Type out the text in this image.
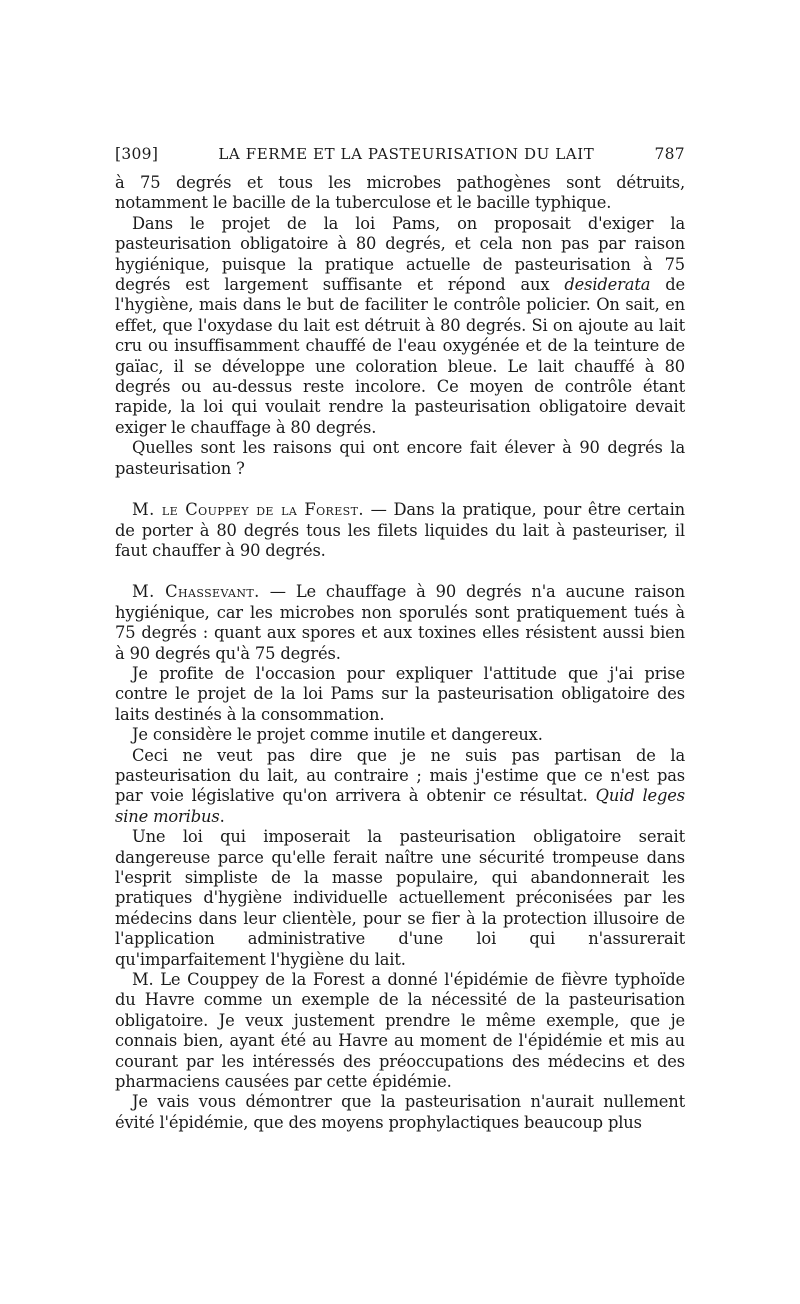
[309]	LA FERME ET LA PASTEURISATION DU LAIT	787

à 75 degrés et tous les microbes pathogènes sont détruits, notamment le bacille de la tuberculose et le bacille typhique.

Dans le projet de la loi Pams, on proposait d'exiger la pasteurisation obligatoire à 80 degrés, et cela non pas par raison hygiénique, puisque la pratique actuelle de pasteurisation à 75 degrés est largement suffisante et répond aux desiderata de l'hygiène, mais dans le but de faciliter le contrôle policier. On sait, en effet, que l'oxydase du lait est détruit à 80 degrés. Si on ajoute au lait cru ou insuffisamment chauffé de l'eau oxygénée et de la teinture de gaïac, il se développe une coloration bleue. Le lait chauffé à 80 degrés ou au-dessus reste incolore. Ce moyen de contrôle étant rapide, la loi qui voulait rendre la pasteurisation obligatoire devait exiger le chauffage à 80 degrés.

Quelles sont les raisons qui ont encore fait élever à 90 degrés la pasteurisation ?

M. le Couppey de la Forest. — Dans la pratique, pour être certain de porter à 80 degrés tous les filets liquides du lait à pasteuriser, il faut chauffer à 90 degrés.

M. Chassevant. — Le chauffage à 90 degrés n'a aucune raison hygiénique, car les microbes non sporulés sont pratiquement tués à 75 degrés : quant aux spores et aux toxines elles résistent aussi bien à 90 degrés qu'à 75 degrés.

Je profite de l'occasion pour expliquer l'attitude que j'ai prise contre le projet de la loi Pams sur la pasteurisation obligatoire des laits destinés à la consommation.

Je considère le projet comme inutile et dangereux.

Ceci ne veut pas dire que je ne suis pas partisan de la pasteurisation du lait, au contraire ; mais j'estime que ce n'est pas par voie législative qu'on arrivera à obtenir ce résultat. Quid leges sine moribus.

Une loi qui imposerait la pasteurisation obligatoire serait dangereuse parce qu'elle ferait naître une sécurité trompeuse dans l'esprit simpliste de la masse populaire, qui abandonnerait les pratiques d'hygiène individuelle actuellement préconisées par les médecins dans leur clientèle, pour se fier à la protection illusoire de l'application administrative d'une loi qui n'assurerait qu'imparfaitement l'hygiène du lait.

M. Le Couppey de la Forest a donné l'épidémie de fièvre typhoïde du Havre comme un exemple de la nécessité de la pasteurisation obligatoire. Je veux justement prendre le même exemple, que je connais bien, ayant été au Havre au moment de l'épidémie et mis au courant par les intéressés des préoccupations des médecins et des pharmaciens causées par cette épidémie.

Je vais vous démontrer que la pasteurisation n'aurait nullement évité l'épidémie, que des moyens prophylactiques beaucoup plus
